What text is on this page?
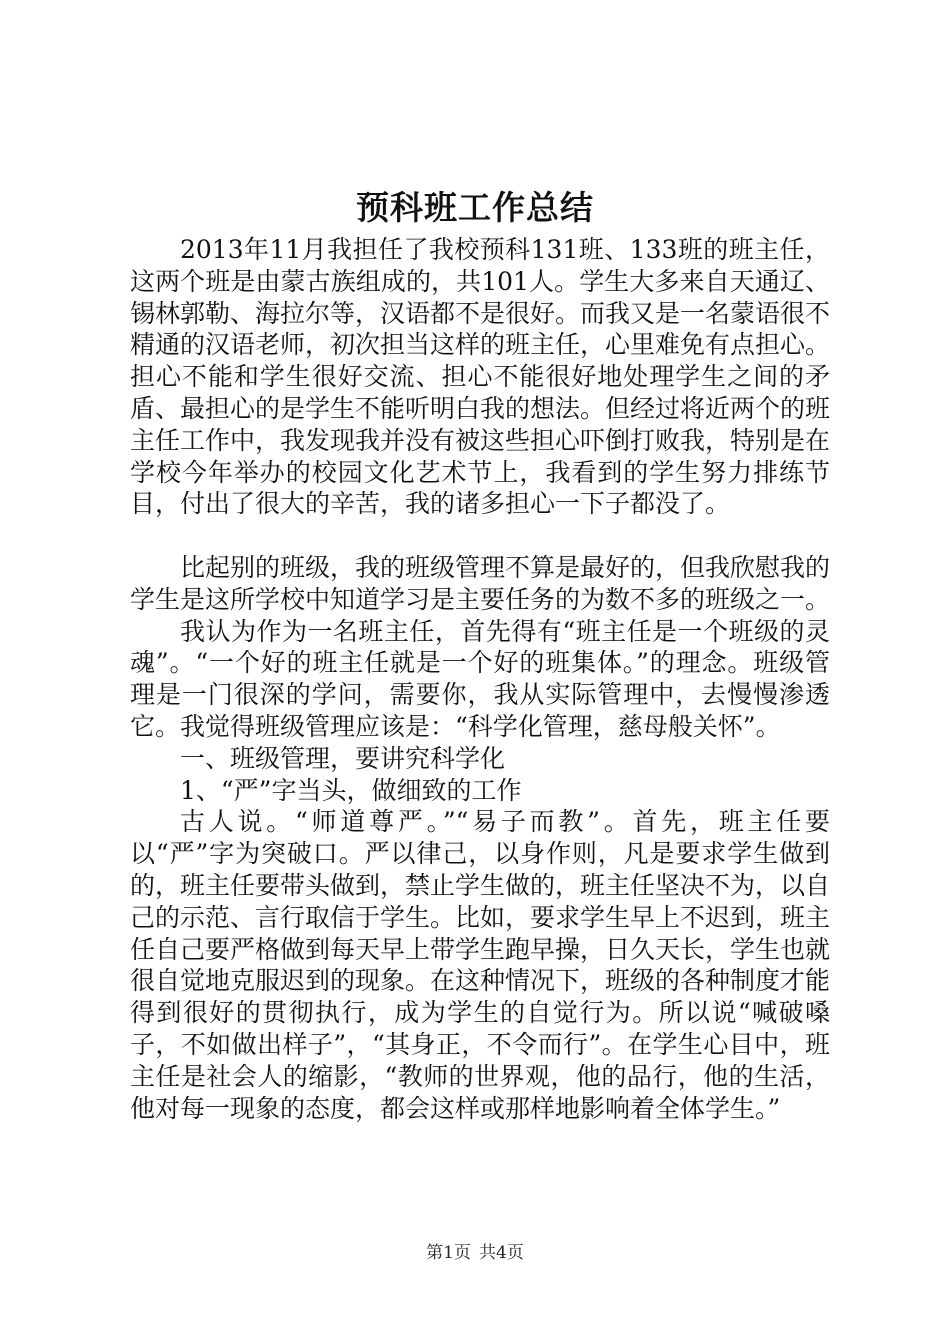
预科班工作总结

2013年11月我担任了我校预科131班、133班的班主任，这两个班是由蒙古族组成的，共101人。学生大多来自天通辽、锡林郭勒、海拉尔等，汉语都不是很好。而我又是一名蒙语很不精通的汉语老师，初次担当这样的班主任，心里难免有点担心。担心不能和学生很好交流、担心不能很好地处理学生之间的矛盾、最担心的是学生不能听明白我的想法。但经过将近两个的班主任工作中，我发现我并没有被这些担心吓倒打败我，特别是在学校今年举办的校园文化艺术节上，我看到的学生努力排练节目，付出了很大的辛苦，我的诸多担心一下子都没了。

比起别的班级，我的班级管理不算是最好的，但我欣慰我的学生是这所学校中知道学习是主要任务的为数不多的班级之一。

我认为作为一名班主任，首先得有“班主任是一个班级的灵魂”。“一个好的班主任就是一个好的班集体。”的理念。班级管理是一门很深的学问，需要你，我从实际管理中，去慢慢渗透它。我觉得班级管理应该是：“科学化管理，慈母般关怀”。

一、班级管理，要讲究科学化

1、“严”字当头，做细致的工作

古人说。“师道尊严。”“易子而教”。首先，班主任要以“严”字为突破口。严以律己，以身作则，凡是要求学生做到的，班主任要带头做到，禁止学生做的，班主任坚决不为，以自己的示范、言行取信于学生。比如，要求学生早上不迟到，班主任自己要严格做到每天早上带学生跑早操，日久天长，学生也就很自觉地克服迟到的现象。在这种情况下，班级的各种制度才能得到很好的贯彻执行，成为学生的自觉行为。所以说“喊破嗓子，不如做出样子”，“其身正，不令而行”。在学生心目中，班主任是社会人的缩影，“教师的世界观，他的品行，他的生活，他对每一现象的态度，都会这样或那样地影响着全体学生。”

第1页 共4页
